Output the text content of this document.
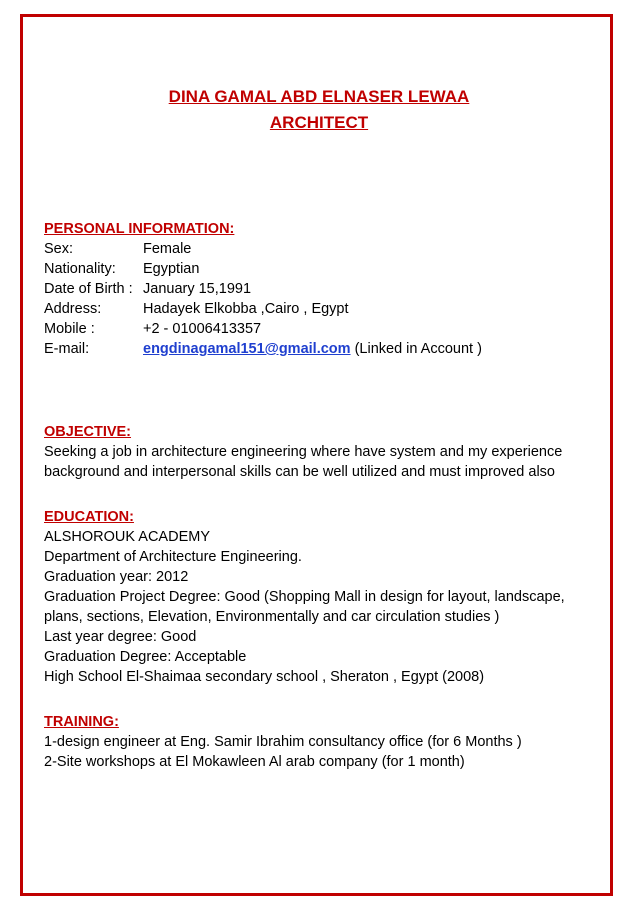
DINA GAMAL ABD ELNASER LEWAA
ARCHITECT
PERSONAL INFORMATION:
Sex:	Female
Nationality: Egyptian
Date of Birth : January 15,1991
Address:	Hadayek Elkobba ,Cairo , Egypt
Mobile :	+2 - 01006413357
E-mail:	engdinagamal151@gmail.com (Linked in Account )
OBJECTIVE:
Seeking a job in architecture engineering where have system and my experience
background and interpersonal skills can be well utilized and must improved also
EDUCATION:
ALSHOROUK ACADEMY
Department of Architecture Engineering.
Graduation year: 2012
Graduation Project Degree: Good (Shopping Mall in design for layout, landscape,
plans, sections, Elevation, Environmentally and car circulation studies )
Last year degree: Good
Graduation Degree: Acceptable
High School El-Shaimaa secondary school , Sheraton , Egypt (2008)
TRAINING:
1-design engineer at Eng. Samir Ibrahim consultancy office (for 6 Months )
2-Site workshops at El Mokawleen Al arab company (for 1 month)
